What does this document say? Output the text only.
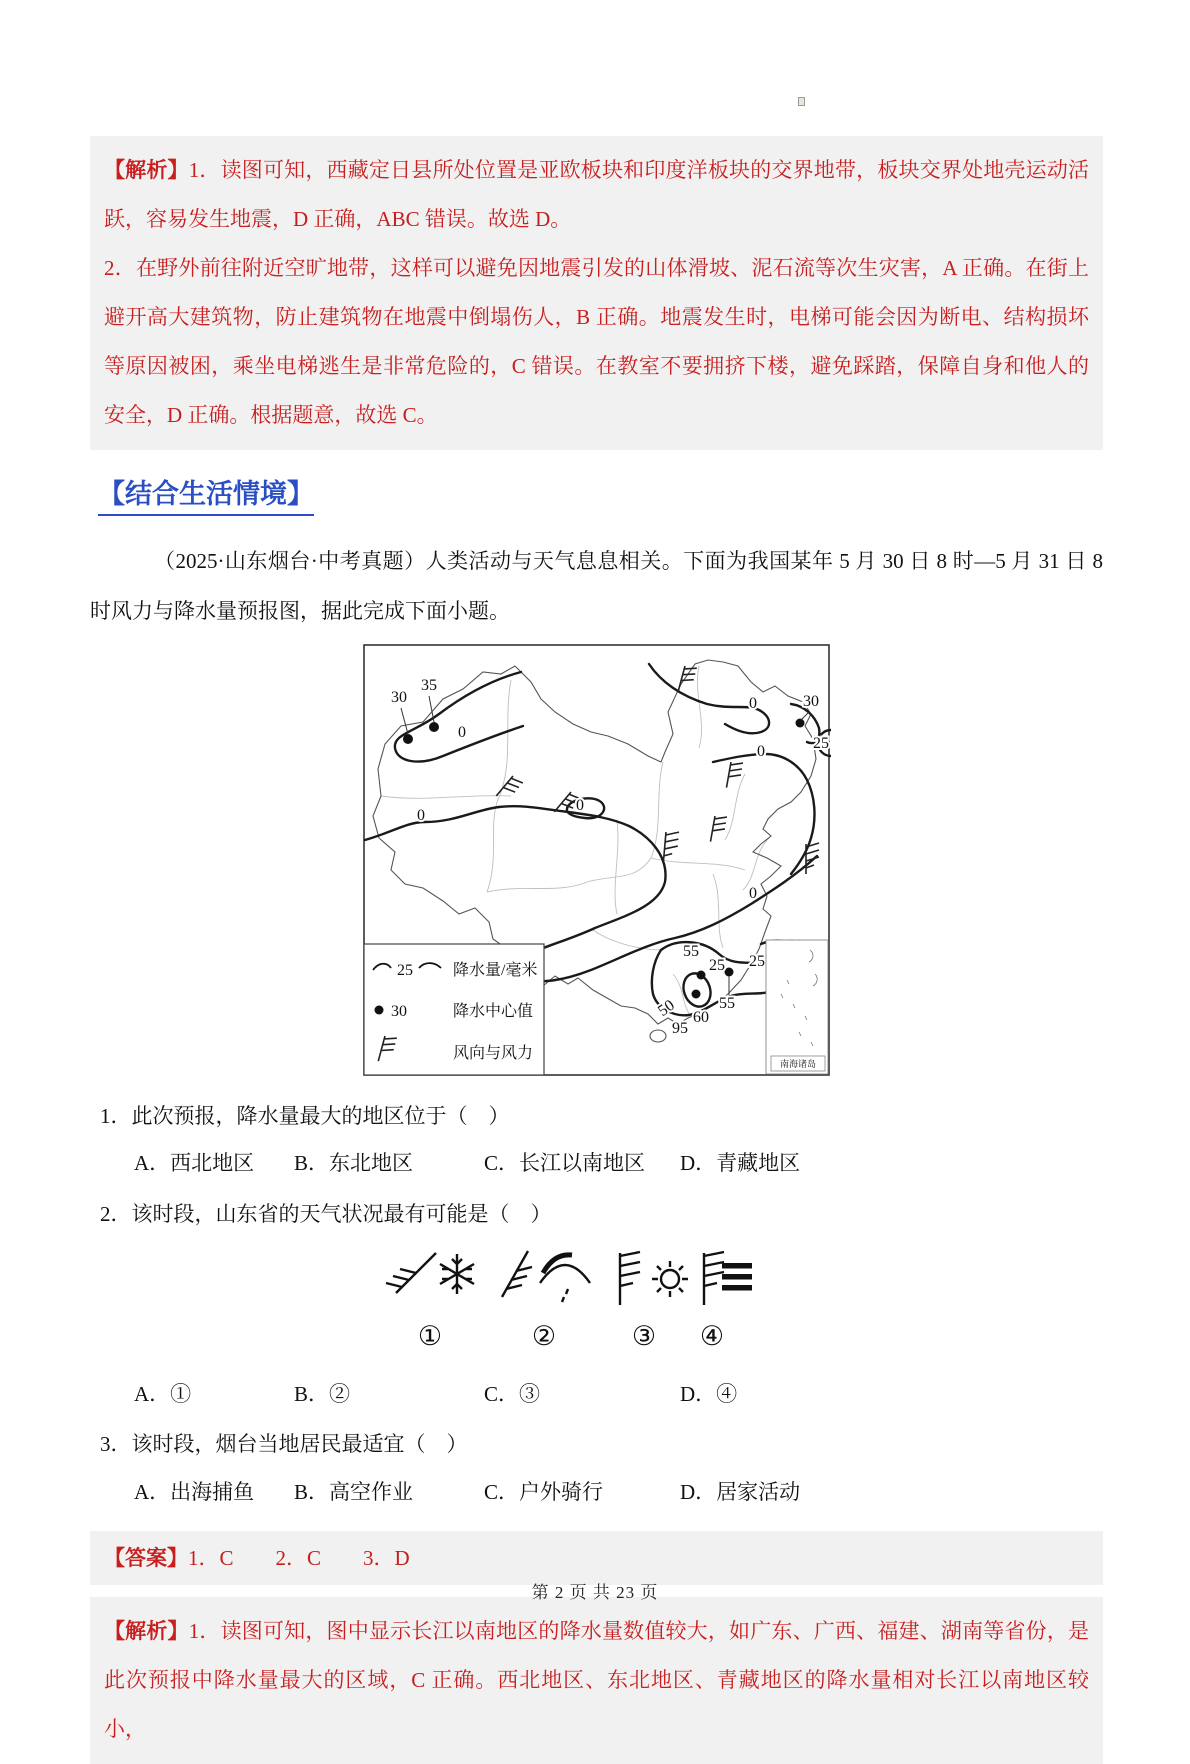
【解析】1．读图可知，西藏定日县所处位置是亚欧板块和印度洋板块的交界地带，板块交界处地壳运动活跃，容易发生地震，D 正确，ABC 错误。故选 D。

2．在野外前往附近空旷地带，这样可以避免因地震引发的山体滑坡、泥石流等次生灾害，A 正确。在街上避开高大建筑物，防止建筑物在地震中倒塌伤人，B 正确。地震发生时，电梯可能会因为断电、结构损坏等原因被困，乘坐电梯逃生是非常危险的，C 错误。在教室不要拥挤下楼，避免踩踏，保障自身和他人的安全，D 正确。根据题意，故选 C。

【结合生活情境】

（2025·山东烟台·中考真题）人类活动与天气息息相关。下面为我国某年 5 月 30 日 8 时—5 月 31 日 8 时风力与降水量预报图，据此完成下面小题。

30
35
0
0
0
0
0
30
25
0
55
25 25
55
50 60
95
25	降水量/毫米
30	降水中心值
风向与风力
南海诸岛

1．此次预报，降水量最大的地区位于（　）

A．西北地区	B．东北地区	C．长江以南地区	D．青藏地区

2．该时段，山东省的天气状况最有可能是（　）

①	②	③ ④
A．①	B．②	C．③	D．④

3．该时段，烟台当地居民最适宜（　）

A．出海捕鱼	B．高空作业	C．户外骑行	D．居家活动

【答案】1．C　　2．C　　3．D

【解析】1．读图可知，图中显示长江以南地区的降水量数值较大，如广东、广西、福建、湖南等省份，是此次预报中降水量最大的区域，C 正确。西北地区、东北地区、青藏地区的降水量相对长江以南地区较小，

第 2 页 共 23 页
